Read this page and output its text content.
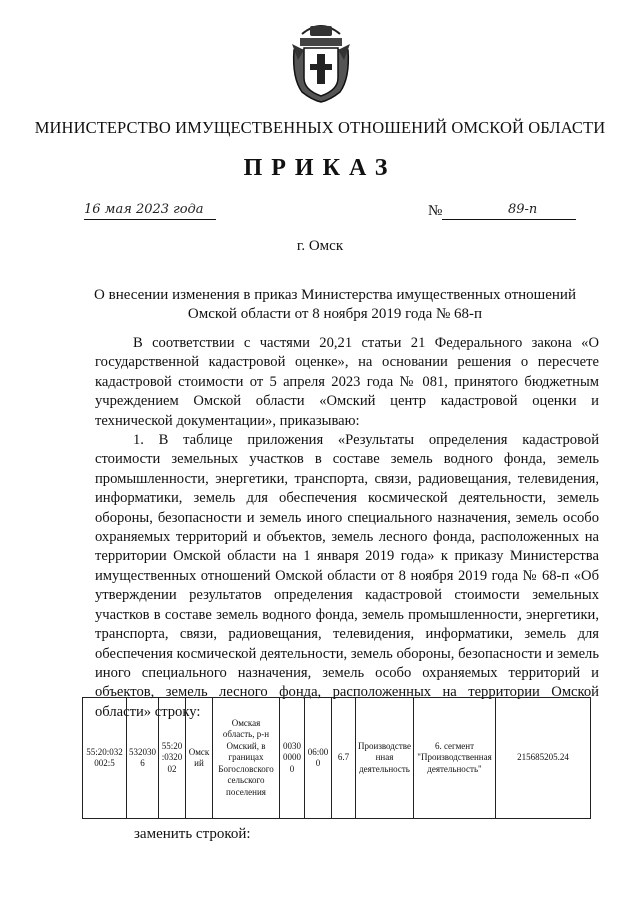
МИНИСТЕРСТВО ИМУЩЕСТВЕННЫХ ОТНОШЕНИЙ ОМСКОЙ ОБЛАСТИ
ПРИКАЗ
16 мая 2023 года	№	89-п
г. Омск
О внесении изменения в приказ Министерства имущественных отношений Омской области от 8 ноября 2019 года № 68-п

В соответствии с частями 20,21 статьи 21 Федерального закона «О государственной кадастровой оценке», на основании решения о пересчете кадастровой стоимости от 5 апреля 2023 года № 081, принятого бюджетным учреждением Омской области «Омский центр кадастровой оценки и технической документации», приказываю:

1. В таблице приложения «Результаты определения кадастровой стоимости земельных участков в составе земель водного фонда, земель промышленности, энергетики, транспорта, связи, радиовещания, телевидения, информатики, земель для обеспечения космической деятельности, земель обороны, безопасности и земель иного специального назначения, земель особо охраняемых территорий и объектов, земель лесного фонда, расположенных на территории Омской области на 1 января 2019 года» к приказу Министерства имущественных отношений Омской области от 8 ноября 2019 года № 68-п «Об утверждении результатов определения кадастровой стоимости земельных участков в составе земель водного фонда, земель промышленности, энергетики, транспорта, связи, радиовещания, телевидения, информатики, земель для обеспечения космической деятельности, земель обороны, безопасности и земель иного специального назначения, земель особо охраняемых территорий и объектов, земель лесного фонда, расположенных на территории Омской области» строку:

55:20:032002:5	5320306	55:20:032002	Омский	Омская область, р-н Омский, в границах Богословского сельского поселения	003000000	06:000	6.7	Производственная деятельность	6. сегмент "Производственная деятельность"	215685205.24
заменить строкой:
